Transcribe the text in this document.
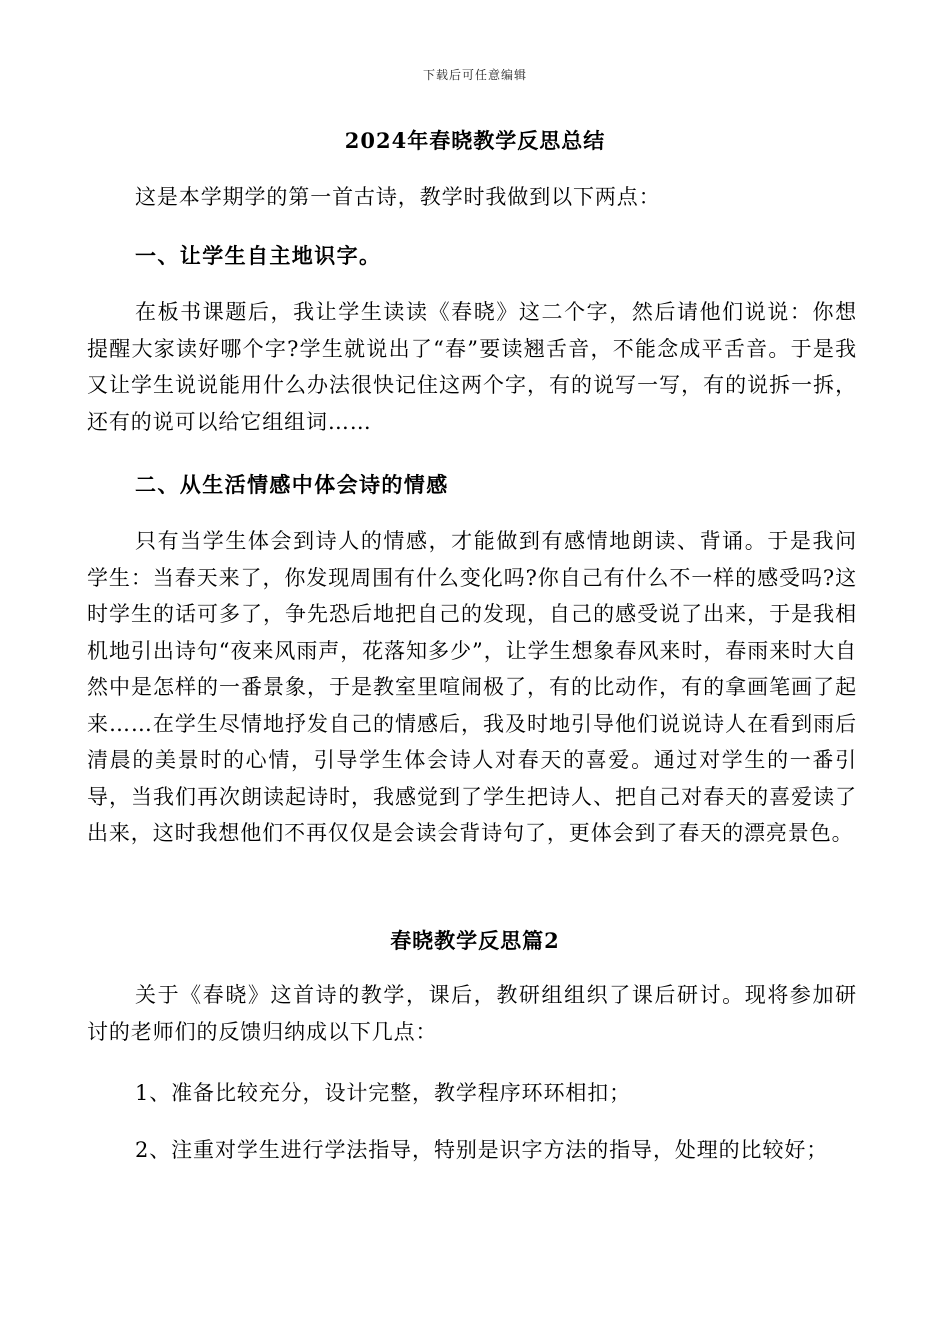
下载后可任意编辑
2024年春晓教学反思总结

这是本学期学的第一首古诗，教学时我做到以下两点：

一、让学生自主地识字。

在板书课题后，我让学生读读《春晓》这二个字，然后请他们说说：你想提醒大家读好哪个字?学生就说出了“春”要读翘舌音，不能念成平舌音。于是我又让学生说说能用什么办法很快记住这两个字，有的说写一写，有的说拆一拆，还有的说可以给它组组词……

二、从生活情感中体会诗的情感

只有当学生体会到诗人的情感，才能做到有感情地朗读、背诵。于是我问学生：当春天来了，你发现周围有什么变化吗?你自己有什么不一样的感受吗?这时学生的话可多了，争先恐后地把自己的发现，自己的感受说了出来，于是我相机地引出诗句“夜来风雨声，花落知多少”，让学生想象春风来时，春雨来时大自然中是怎样的一番景象，于是教室里喧闹极了，有的比动作，有的拿画笔画了起来……在学生尽情地抒发自己的情感后，我及时地引导他们说说诗人在看到雨后清晨的美景时的心情，引导学生体会诗人对春天的喜爱。通过对学生的一番引导，当我们再次朗读起诗时，我感觉到了学生把诗人、把自己对春天的喜爱读了出来，这时我想他们不再仅仅是会读会背诗句了，更体会到了春天的漂亮景色。

春晓教学反思篇2

关于《春晓》这首诗的教学，课后，教研组组织了课后研讨。现将参加研讨的老师们的反馈归纳成以下几点：

1、准备比较充分，设计完整，教学程序环环相扣；

2、注重对学生进行学法指导，特别是识字方法的指导，处理的比较好；
